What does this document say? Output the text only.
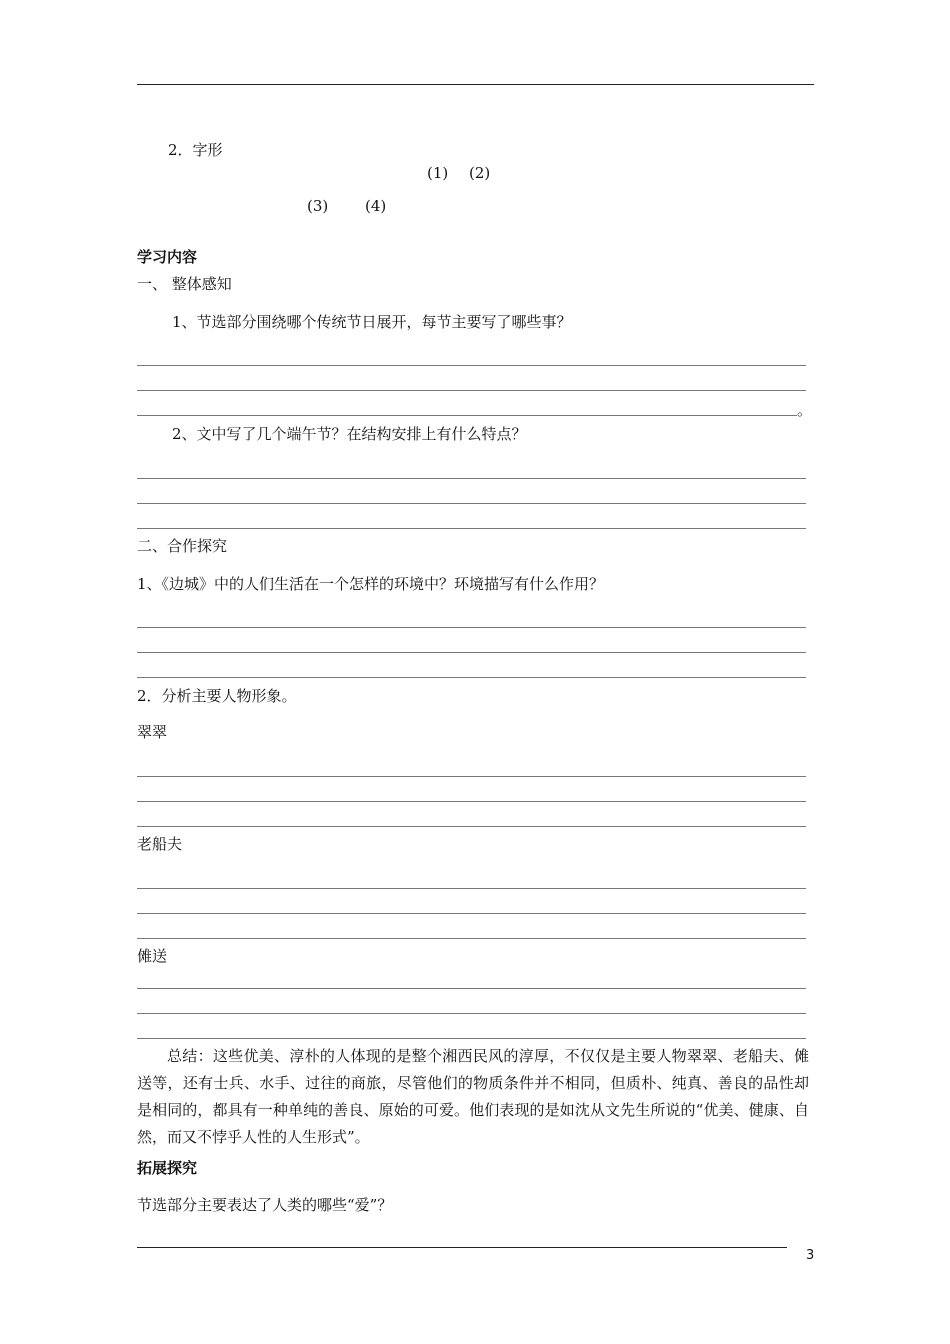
2．字形
(1) (2)
(3) (4)
学习内容
一、 整体感知
1、节选部分围绕哪个传统节日展开，每节主要写了哪些事？
。
2、文中写了几个端午节？在结构安排上有什么特点？
二、合作探究
1、《边城》中的人们生活在一个怎样的环境中？环境描写有什么作用？
2．分析主要人物形象。
翠翠
老船夫
傩送
总结：这些优美、淳朴的人体现的是整个湘西民风的淳厚，不仅仅是主要人物翠翠、老船夫、傩送等，还有士兵、水手、过往的商旅，尽管他们的物质条件并不相同，但质朴、纯真、善良的品性却是相同的，都具有一种单纯的善良、原始的可爱。他们表现的是如沈从文先生所说的“优美、健康、自然，而又不悖乎人性的人生形式”。
拓展探究
节选部分主要表达了人类的哪些“爱”？
3
